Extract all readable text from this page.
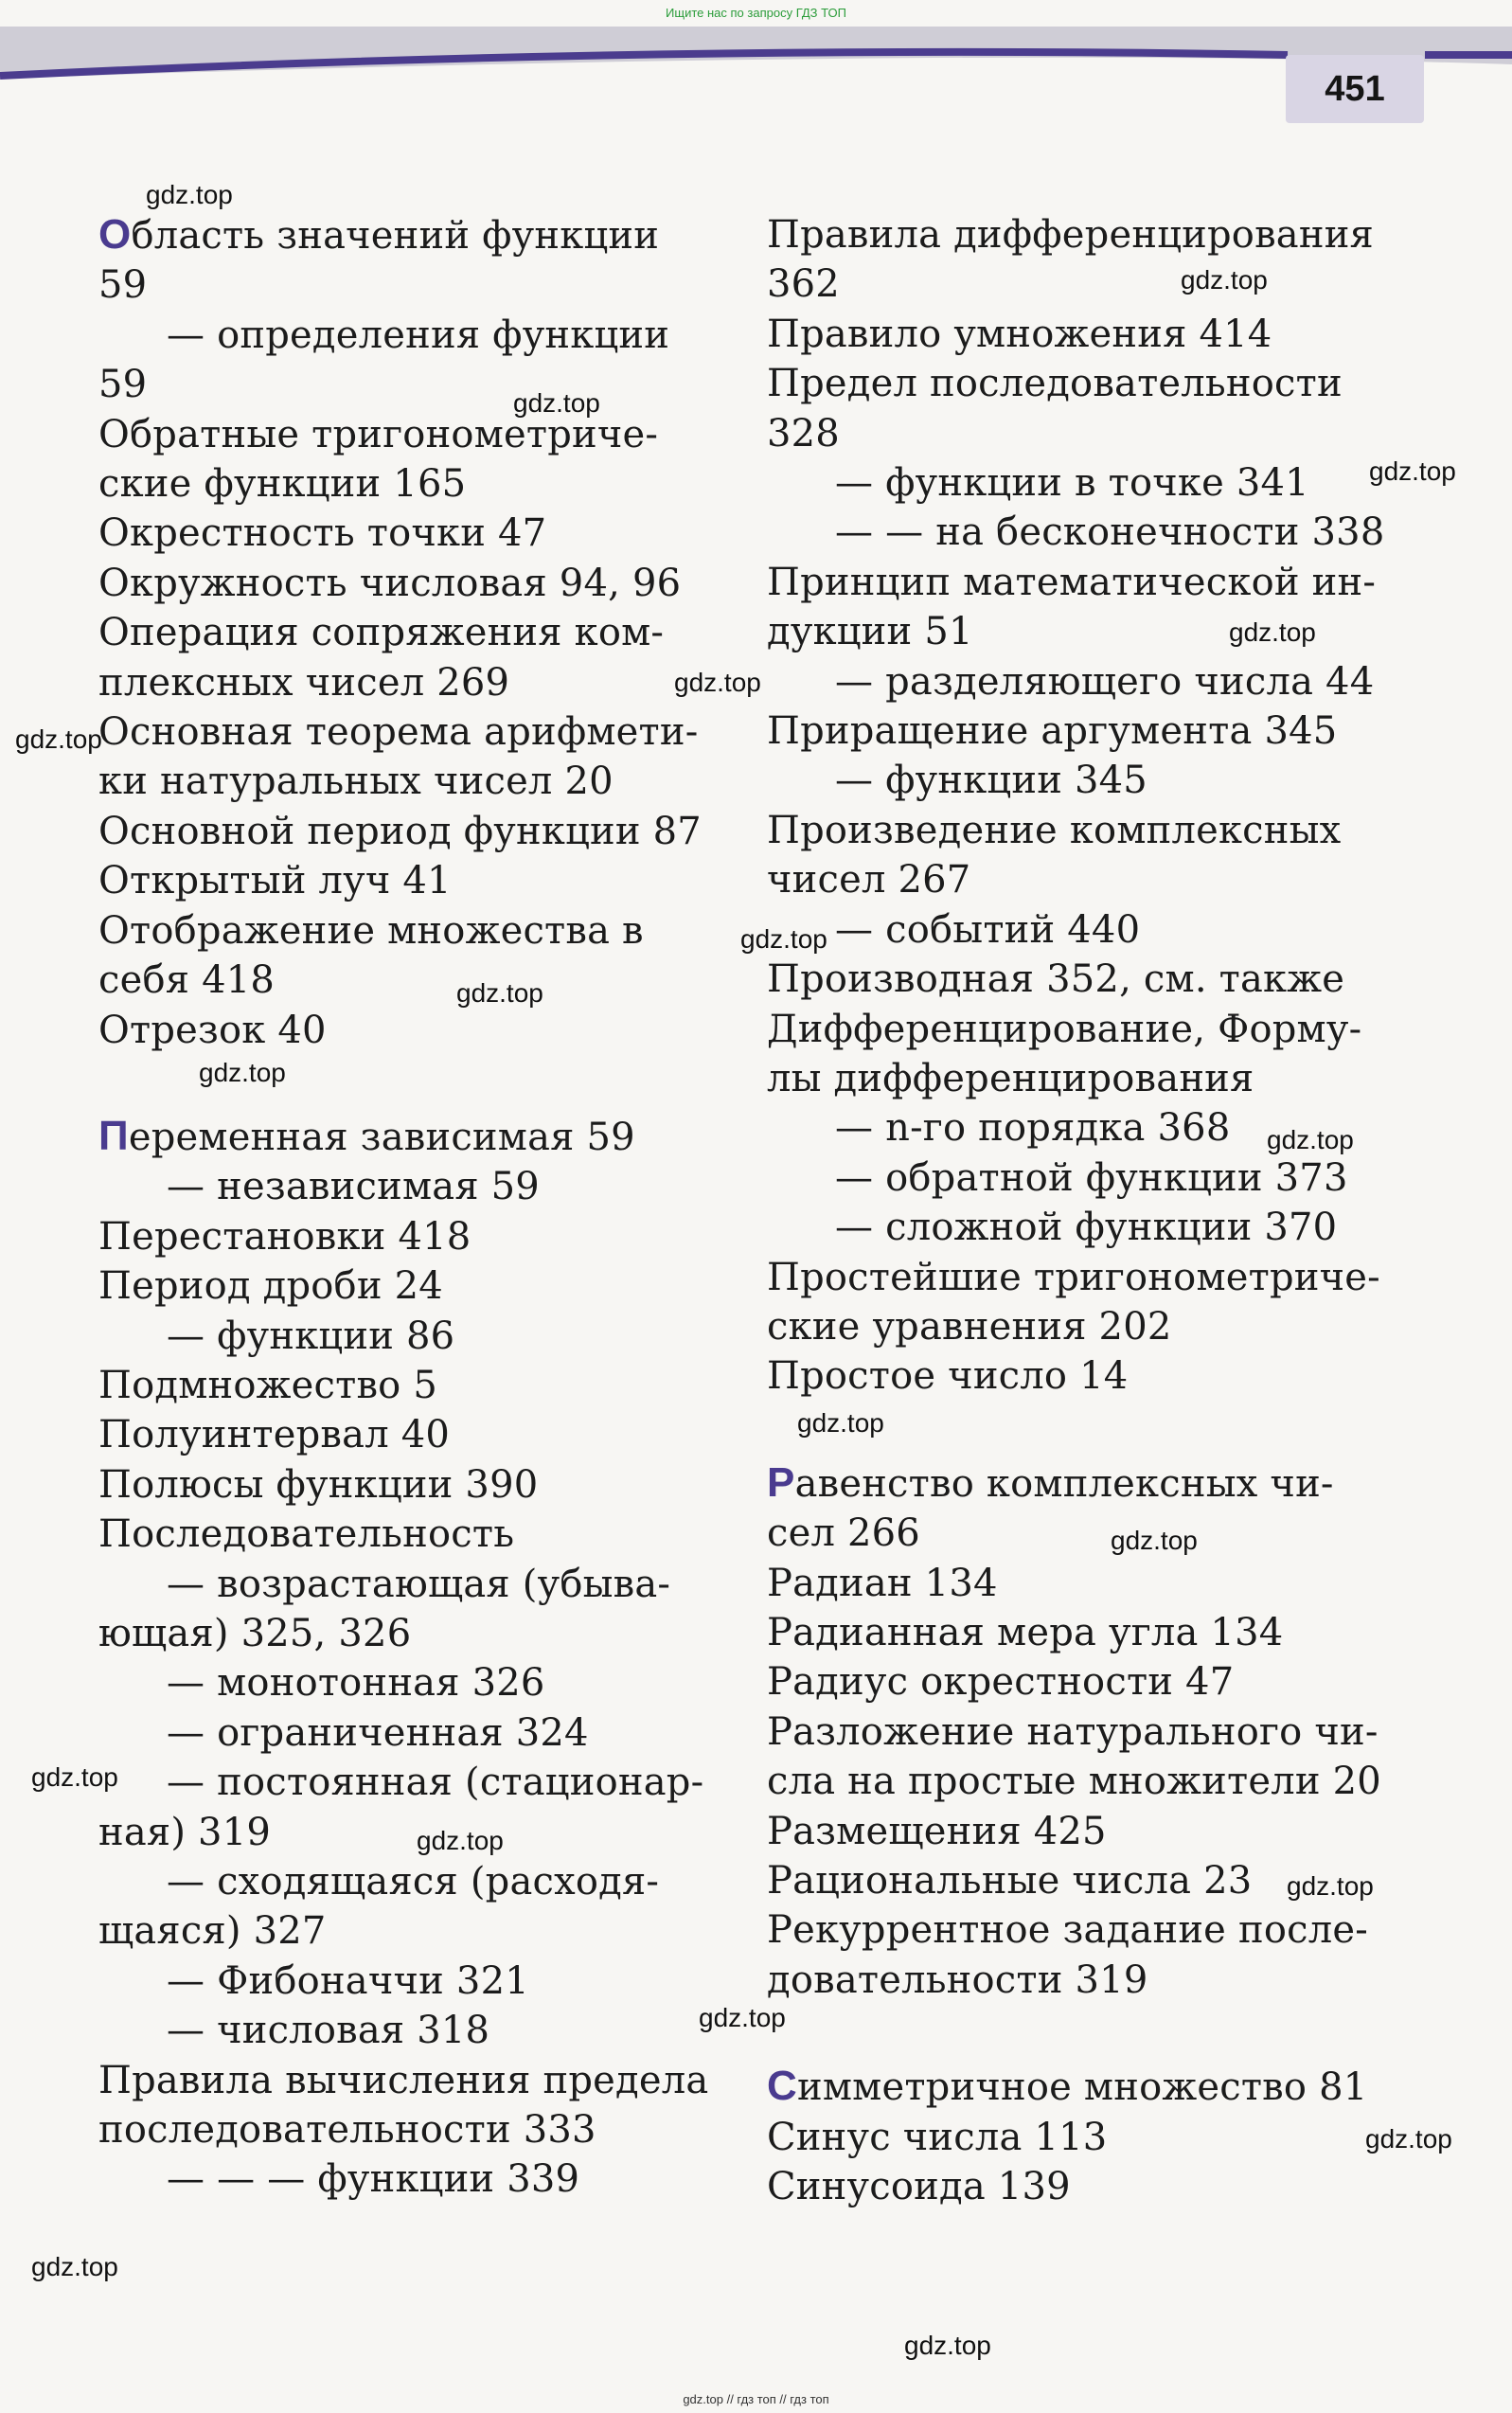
Ищите нас по запросу ГДЗ ТОП
451
Область значений функции
59
— определения функции
59
Обратные тригонометриче-
ские функции 165
Окрестность точки 47
Окружность числовая 94, 96
Операция сопряжения ком-
плексных чисел 269
Основная теорема арифмети-
ки натуральных чисел 20
Основной период функции 87
Открытый луч 41
Отображение множества в
себя 418
Отрезок 40
Переменная зависимая 59
— независимая 59
Перестановки 418
Период дроби 24
— функции 86
Подмножество 5
Полуинтервал 40
Полюсы функции 390
Последовательность
— возрастающая (убыва-
ющая) 325, 326
— монотонная 326
— ограниченная 324
— постоянная (стационар-
ная) 319
— сходящаяся (расходя-
щаяся) 327
— Фибоначчи 321
— числовая 318
Правила вычисления предела
последовательности 333
— — — функции 339
Правила дифференцирования
362
Правило умножения 414
Предел последовательности
328
— функции в точке 341
— — на бесконечности 338
Принцип математической ин-
дукции 51
— разделяющего числа 44
Приращение аргумента 345
— функции 345
Произведение комплексных
чисел 267
— событий 440
Производная 352, см. также
Дифференцирование, Форму-
лы дифференцирования
— n-го порядка 368
— обратной функции 373
— сложной функции 370
Простейшие тригонометриче-
ские уравнения 202
Простое число 14
Равенство комплексных чи-
сел 266
Радиан 134
Радианная мера угла 134
Радиус окрестности 47
Разложение натурального чи-
сла на простые множители 20
Размещения 425
Рациональные числа 23
Рекуррентное задание после-
довательности 319
Симметричное множество 81
Синус числа 113
Синусоида 139
gdz.top
gdz.top
gdz.top
gdz.top
gdz.top
gdz.top
gdz.top
gdz.top
gdz.top
gdz.top
gdz.top
gdz.top
gdz.top
gdz.top
gdz.top
gdz.top
gdz.top
gdz.top
gdz.top
gdz.top
gdz.top // гдз топ // гдз топ
